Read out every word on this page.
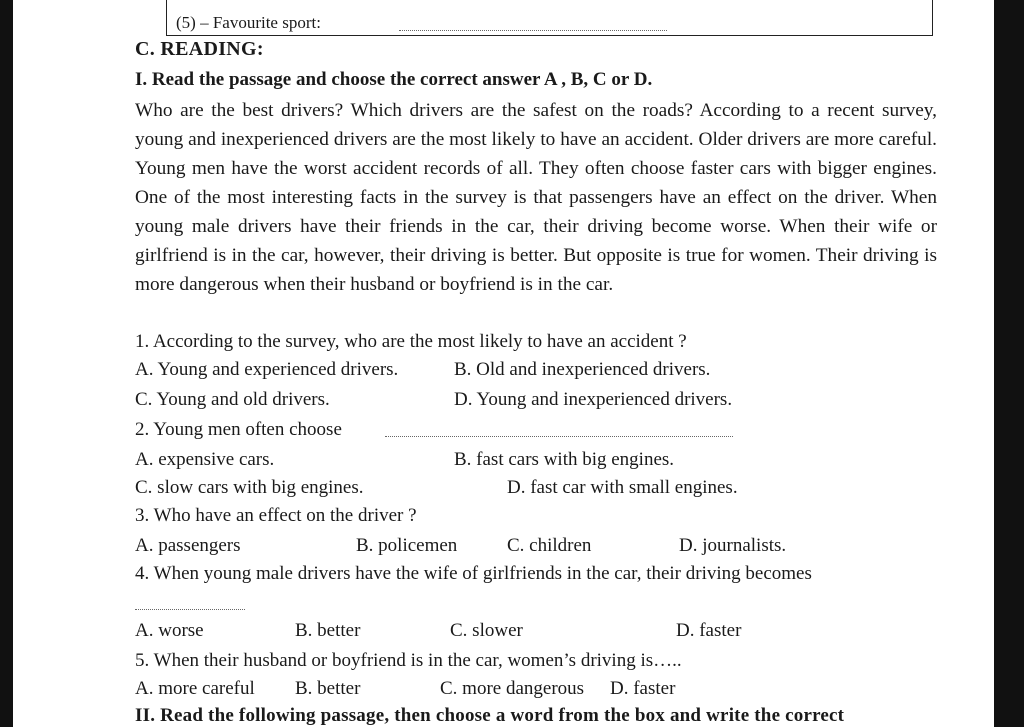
(5) – Favourite sport:
C. READING:
I. Read the passage and choose the correct answer A , B, C or D.

Who are the best drivers? Which drivers are the safest on the roads? According to a recent survey, young and inexperienced drivers are the most likely to have an accident. Older drivers are more careful. Young men have the worst accident records of all. They often choose faster cars with bigger engines. One of the most interesting facts in the survey is that passengers have an effect on the driver. When young male drivers have their friends in the car, their driving become worse. When their wife or girlfriend is in the car, however, their driving is better. But opposite is true for women. Their driving is more dangerous when their husband or boyfriend is in the car.

1. According to the survey, who are the most likely to have an accident ?
A. Young and experienced drivers.	B. Old and inexperienced drivers.
C. Young and old drivers.	D. Young and inexperienced drivers.
2. Young men often choose
A. expensive cars.	B. fast cars with big engines.
C. slow cars with big engines.	D. fast car with small engines.
3. Who have an effect on the driver ?
A. passengers	B. policemen	C. children	D. journalists.
4. When young male drivers have the wife of girlfriends in the car, their driving becomes
A. worse	B. better	C. slower	D. faster
5. When their husband or boyfriend is in the car, women’s driving is…..
A. more careful B. better	C. more dangerous D. faster
II. Read the following passage, then choose a word from the box and write the correct
